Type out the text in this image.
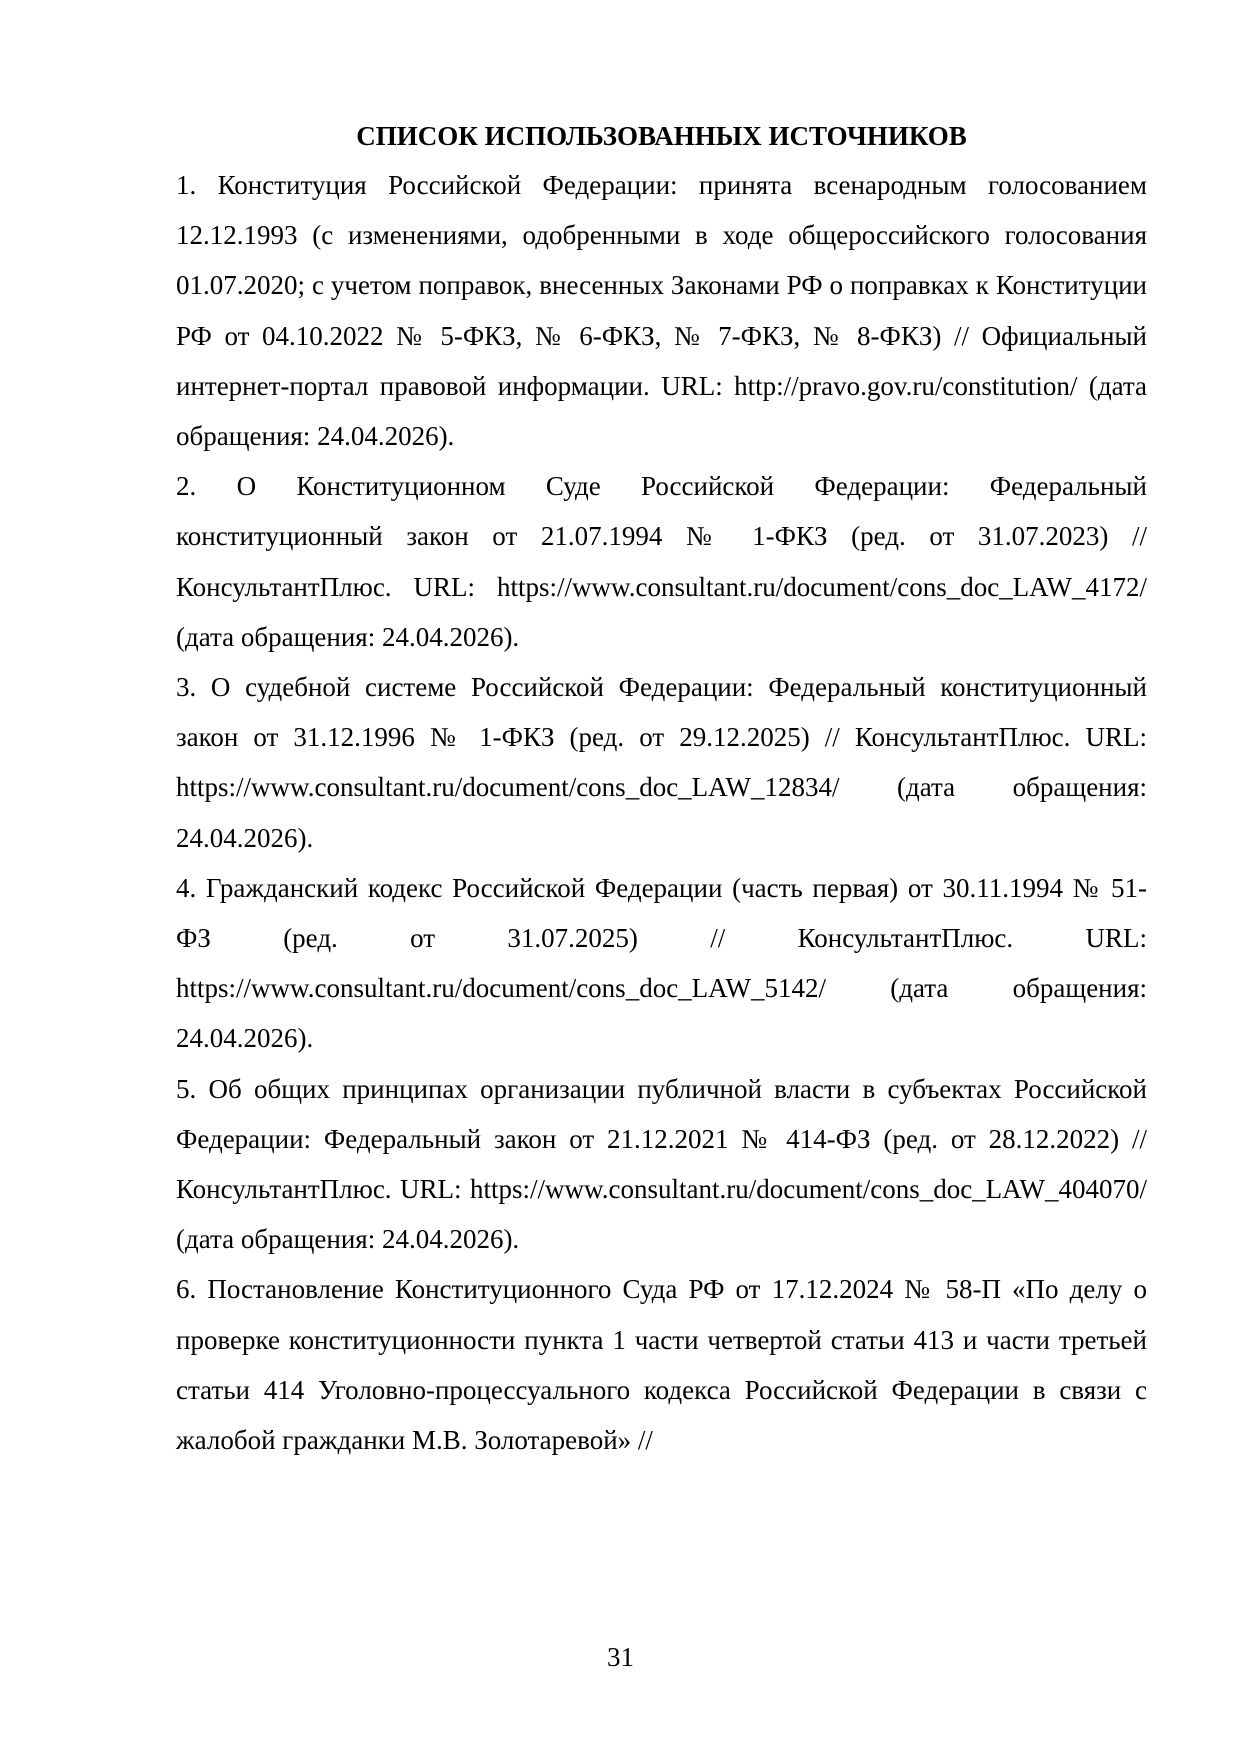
СПИСОК ИСПОЛЬЗОВАННЫХ ИСТОЧНИКОВ
1. Конституция Российской Федерации: принята всенародным голосованием 12.12.1993 (с изменениями, одобренными в ходе общероссийского голосования 01.07.2020; с учетом поправок, внесенных Законами РФ о поправках к Конституции РФ от 04.10.2022 № 5-ФКЗ, № 6-ФКЗ, № 7-ФКЗ, № 8-ФКЗ) // Официальный интернет-портал правовой информации. URL: http://pravo.gov.ru/constitution/ (дата обращения: 24.04.2026).
2. О Конституционном Суде Российской Федерации: Федеральный конституционный закон от 21.07.1994 № 1-ФКЗ (ред. от 31.07.2023) // КонсультантПлюс. URL: https://www.consultant.ru/document/cons_doc_LAW_4172/ (дата обращения: 24.04.2026).
3. О судебной системе Российской Федерации: Федеральный конституционный закон от 31.12.1996 № 1-ФКЗ (ред. от 29.12.2025) // КонсультантПлюс. URL: https://www.consultant.ru/document/cons_doc_LAW_12834/ (дата обращения: 24.04.2026).
4. Гражданский кодекс Российской Федерации (часть первая) от 30.11.1994 № 51-ФЗ (ред. от 31.07.2025) // КонсультантПлюс. URL: https://www.consultant.ru/document/cons_doc_LAW_5142/ (дата обращения: 24.04.2026).
5. Об общих принципах организации публичной власти в субъектах Российской Федерации: Федеральный закон от 21.12.2021 № 414-ФЗ (ред. от 28.12.2022) // КонсультантПлюс. URL: https://www.consultant.ru/document/cons_doc_LAW_404070/ (дата обращения: 24.04.2026).
6. Постановление Конституционного Суда РФ от 17.12.2024 № 58-П «По делу о проверке конституционности пункта 1 части четвертой статьи 413 и части третьей статьи 414 Уголовно-процессуального кодекса Российской Федерации в связи с жалобой гражданки М.В. Золотаревой» //
31
